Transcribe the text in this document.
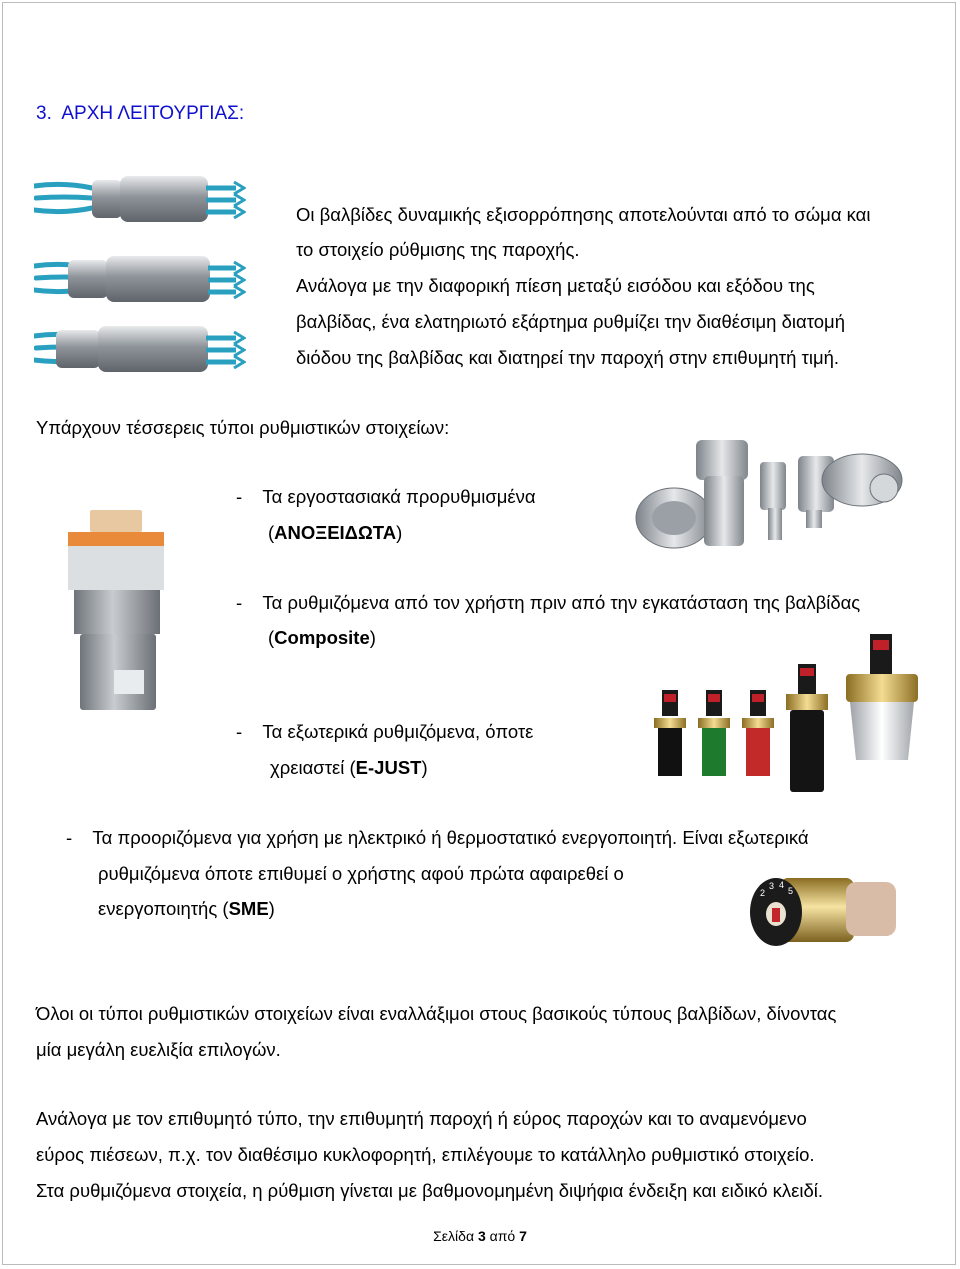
3. ΑΡΧΗ ΛΕΙΤΟΥΡΓΙΑΣ:
Οι βαλβίδες δυναμικής εξισορρόπησης αποτελούνται από το σώμα και
το στοιχείο ρύθμισης της παροχής.
Ανάλογα με την διαφορική πίεση μεταξύ εισόδου και εξόδου της
βαλβίδας, ένα ελατηριωτό εξάρτημα ρυθμίζει την διαθέσιμη διατομή
διόδου της βαλβίδας και διατηρεί την παροχή στην επιθυμητή τιμή.
Υπάρχουν τέσσερεις τύποι ρυθμιστικών στοιχείων:
- Τα εργοστασιακά προρυθμισμένα
(ΑΝΟΞΕΙΔΩΤΑ)
- Τα ρυθμιζόμενα από τον χρήστη πριν από την εγκατάσταση της βαλβίδας
(Composite)
- Τα εξωτερικά ρυθμιζόμενα, όποτε
χρειαστεί (E-JUST)
- Τα προοριζόμενα για χρήση με ηλεκτρικό ή θερμοστατικό ενεργοποιητή. Είναι εξωτερικά
ρυθμιζόμενα όποτε επιθυμεί ο χρήστης αφού πρώτα αφαιρεθεί ο
ενεργοποιητής (SME)
2
3 4
5
Όλοι οι τύποι ρυθμιστικών στοιχείων είναι εναλλάξιμοι στους βασικούς τύπους βαλβίδων, δίνοντας
μία μεγάλη ευελιξία επιλογών.
Ανάλογα με τον επιθυμητό τύπο, την επιθυμητή παροχή ή εύρος παροχών και το αναμενόμενο
εύρος πιέσεων, π.χ. τον διαθέσιμο κυκλοφορητή, επιλέγουμε το κατάλληλο ρυθμιστικό στοιχείο.
Στα ρυθμιζόμενα στοιχεία, η ρύθμιση γίνεται με βαθμονομημένη διψήφια ένδειξη και ειδικό κλειδί.
Σελίδα 3 από 7
